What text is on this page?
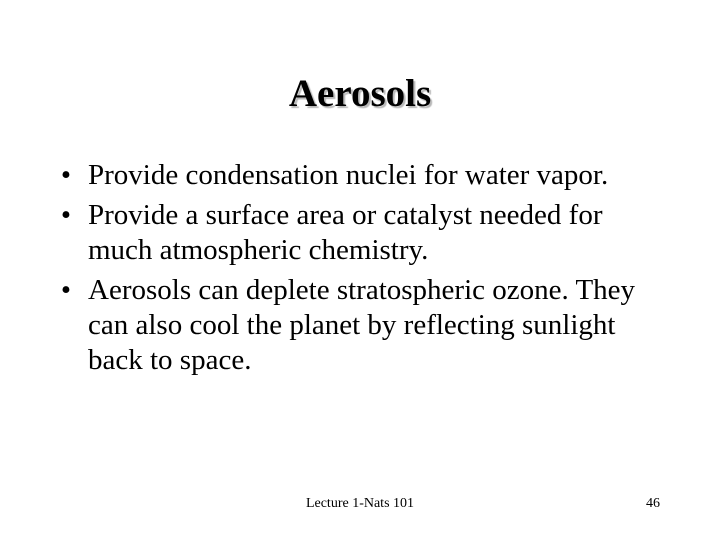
Aerosols
• Provide condensation nuclei for water vapor.
• Provide a surface area or catalyst needed for much atmospheric chemistry.
• Aerosols can deplete stratospheric ozone. They can also cool the planet by reflecting sunlight back to space.
Lecture 1-Nats 101	46
